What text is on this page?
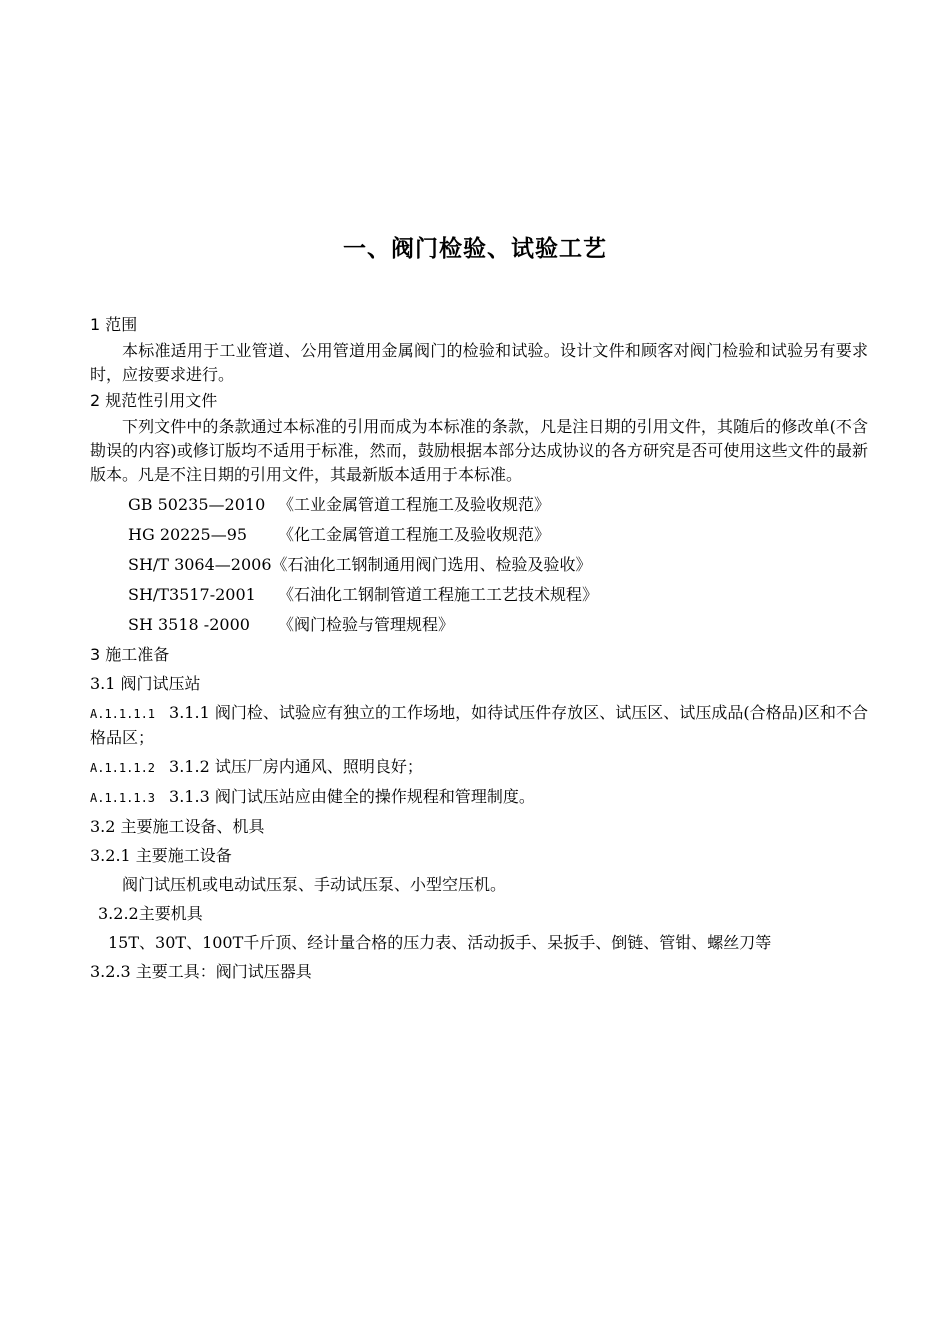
一、阀门检验、试验工艺
1 范围
本标准适用于工业管道、公用管道用金属阀门的检验和试验。设计文件和顾客对阀门检验和试验另有要求时，应按要求进行。
2 规范性引用文件
下列文件中的条款通过本标准的引用而成为本标准的条款，凡是注日期的引用文件，其随后的修改单(不含勘误的内容)或修订版均不适用于标准，然而，鼓励根据本部分达成协议的各方研究是否可使用这些文件的最新版本。凡是不注日期的引用文件，其最新版本适用于本标准。
GB 50235—2010 《工业金属管道工程施工及验收规范》
HG 20225—95 《化工金属管道工程施工及验收规范》
SH/T 3064—2006《石油化工钢制通用阀门选用、检验及验收》
SH/T3517-2001 《石油化工钢制管道工程施工工艺技术规程》
SH 3518 -2000 《阀门检验与管理规程》
3 施工准备
3.1 阀门试压站
A.1.1.1.1 3.1.1 阀门检、试验应有独立的工作场地，如待试压件存放区、试压区、试压成品(合格品)区和不合格品区；
A.1.1.1.2 3.1.2 试压厂房内通风、照明良好；
A.1.1.1.3 3.1.3 阀门试压站应由健全的操作规程和管理制度。
3.2 主要施工设备、机具
3.2.1 主要施工设备
阀门试压机或电动试压泵、手动试压泵、小型空压机。
3.2.2主要机具
15T、30T、100T千斤顶、经计量合格的压力表、活动扳手、呆扳手、倒链、管钳、螺丝刀等
3.2.3 主要工具：阀门试压器具
